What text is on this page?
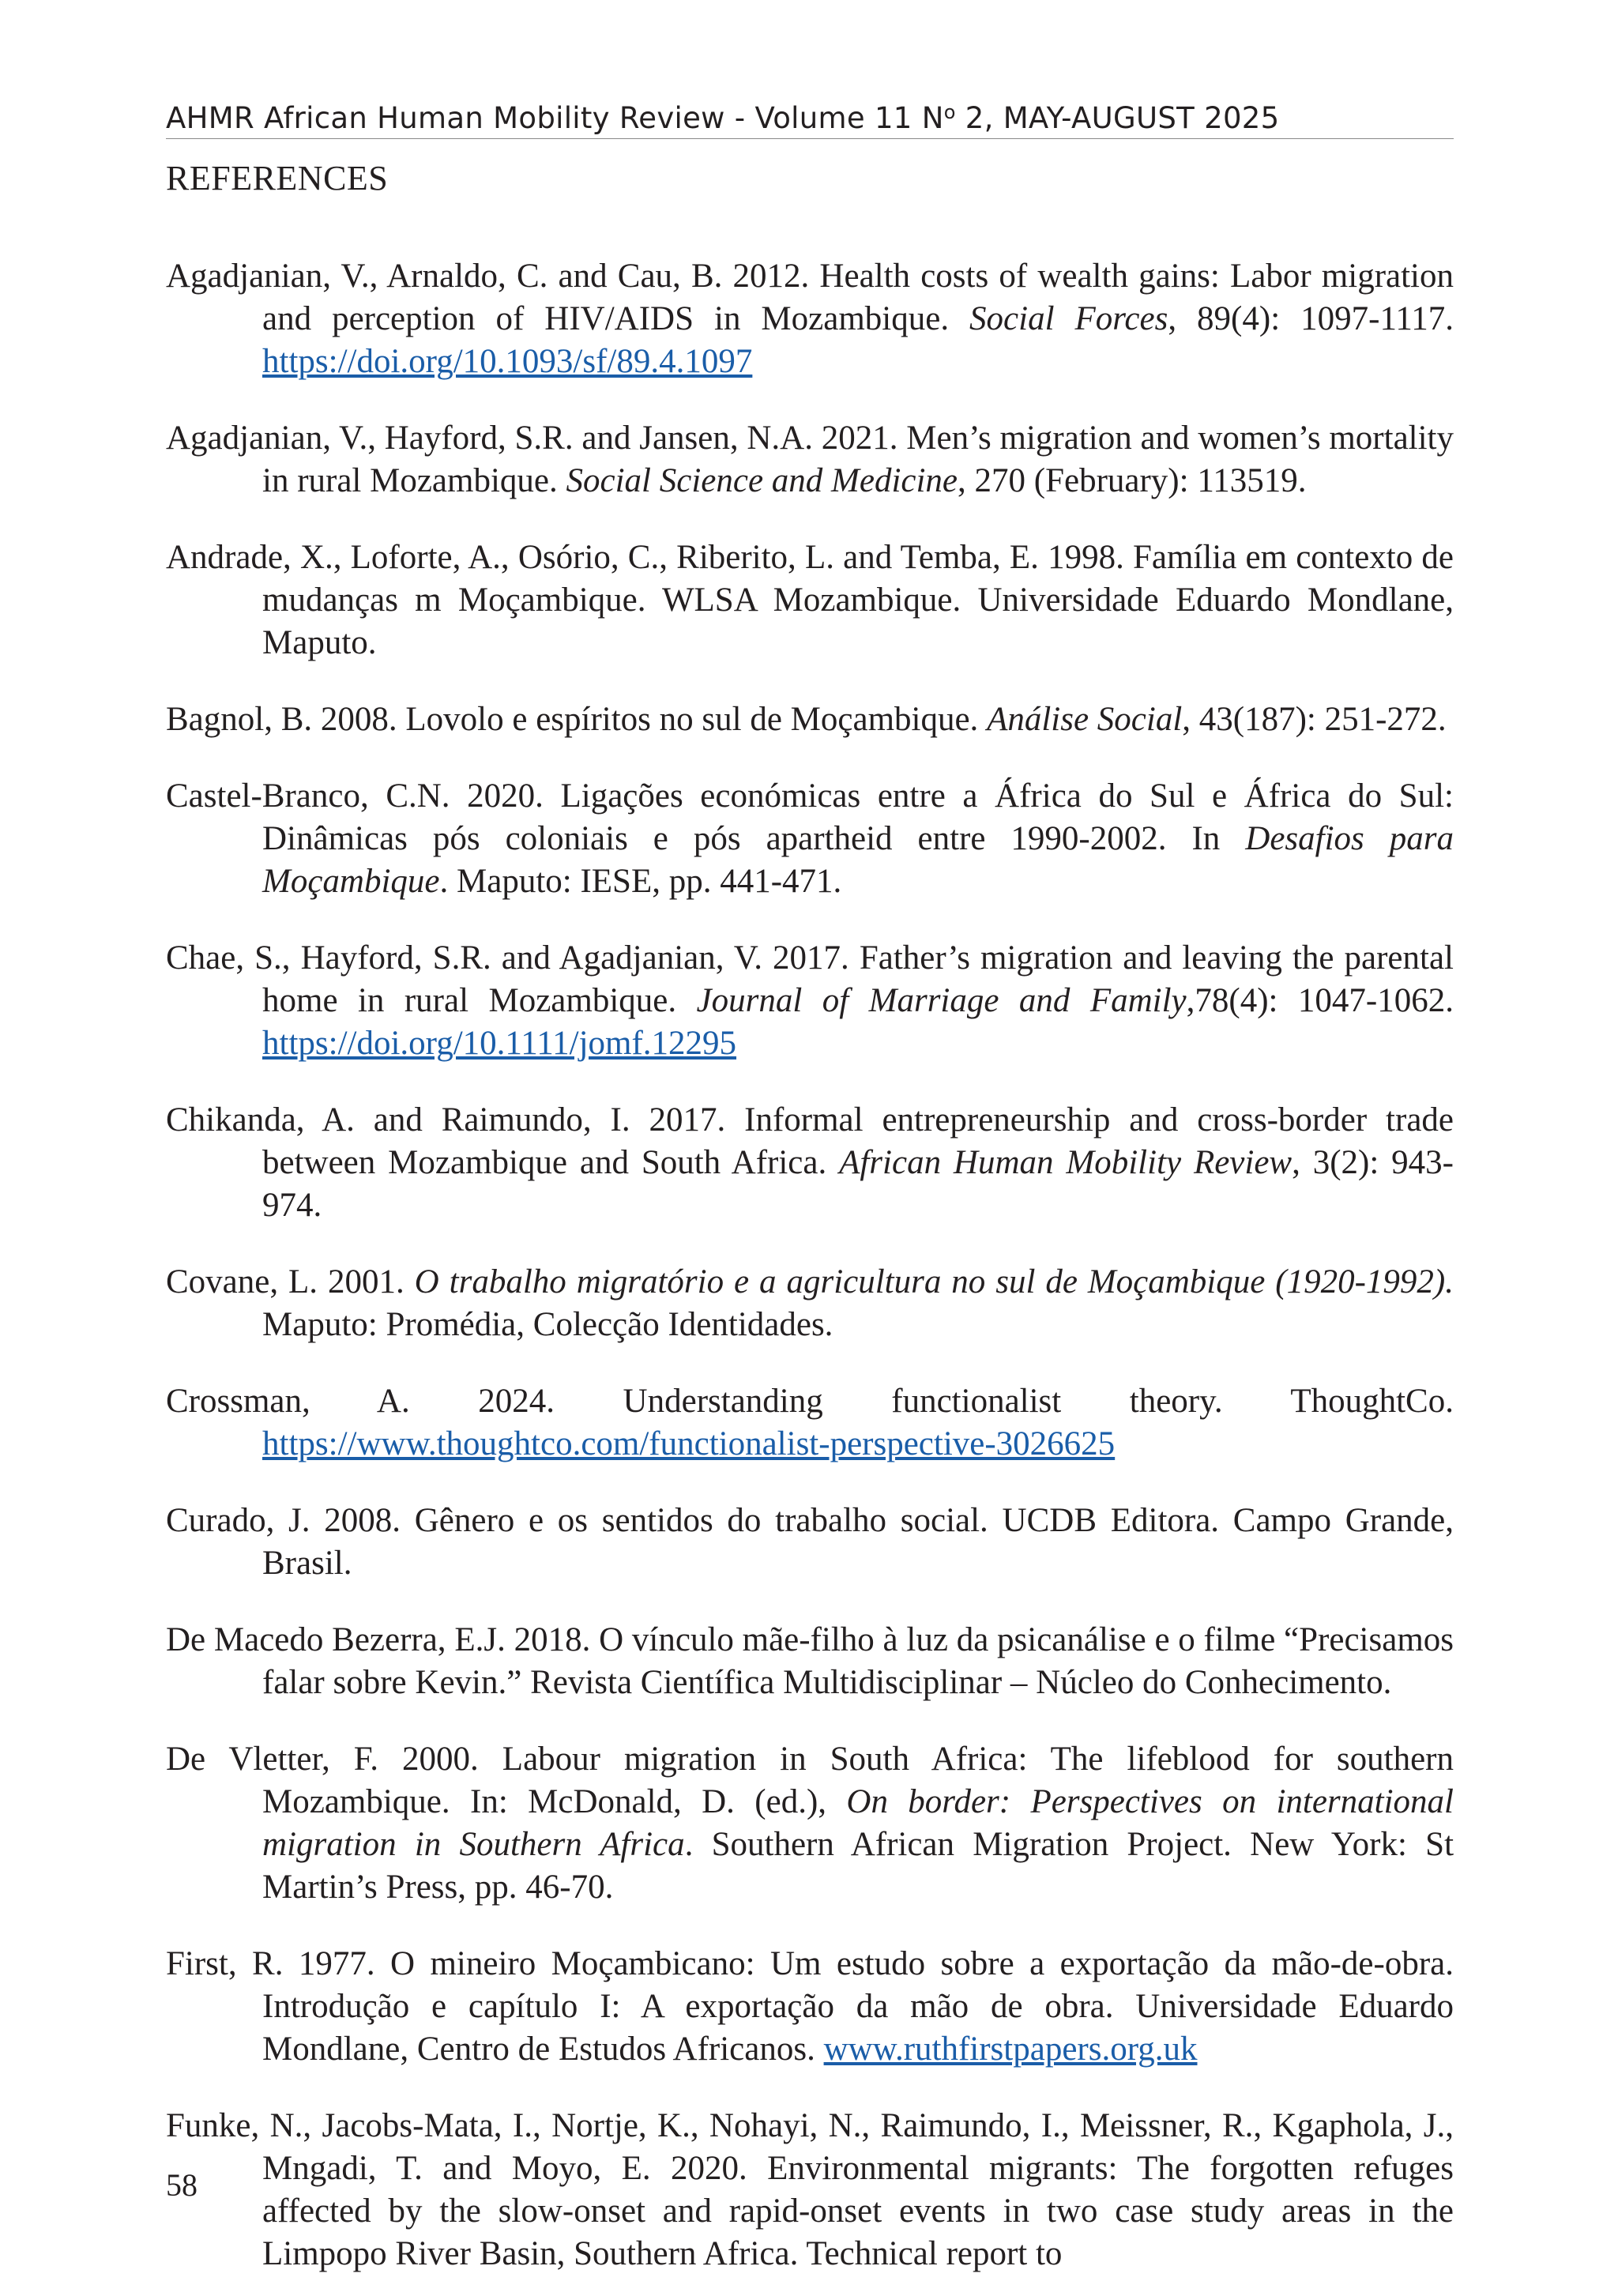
AHMR African Human Mobility Review - Volume 11 $N^o$ 2, MAY-AUGUST 2025
REFERENCES

Agadjanian, V., Arnaldo, C. and Cau, B. 2012. Health costs of wealth gains: Labor migration and perception of HIV/AIDS in Mozambique. Social Forces, 89(4): 1097-1117. https://doi.org/10.1093/sf/89.4.1097

Agadjanian, V., Hayford, S.R. and Jansen, N.A. 2021. Men’s migration and women’s mortality in rural Mozambique. Social Science and Medicine, 270 (February): 113519.

Andrade, X., Loforte, A., Osório, C., Riberito, L. and Temba, E. 1998. Família em contexto de mudanças m Moçambique. WLSA Mozambique. Universidade Eduardo Mondlane, Maputo.

Bagnol, B. 2008. Lovolo e espíritos no sul de Moçambique. Análise Social, 43(187): 251-272.

Castel-Branco, C.N. 2020. Ligações económicas entre a África do Sul e África do Sul: Dinâmicas pós coloniais e pós apartheid entre 1990-2002. In Desafios para Moçambique. Maputo: IESE, pp. 441-471.

Chae, S., Hayford, S.R. and Agadjanian, V. 2017. Father’s migration and leaving the parental home in rural Mozambique. Journal of Marriage and Family,78(4): 1047-1062. https://doi.org/10.1111/jomf.12295

Chikanda, A. and Raimundo, I. 2017. Informal entrepreneurship and cross-border trade between Mozambique and South Africa. African Human Mobility Review, 3(2): 943-974.

Covane, L. 2001. O trabalho migratório e a agricultura no sul de Moçambique (1920-1992). Maputo: Promédia, Colecção Identidades.

Crossman, A. 2024. Understanding functionalist theory. ThoughtCo. https://www.thoughtco.com/functionalist-perspective-3026625

Curado, J. 2008. Gênero e os sentidos do trabalho social. UCDB Editora. Campo Grande, Brasil.

De Macedo Bezerra, E.J. 2018. O vínculo mãe-filho à luz da psicanálise e o filme “Precisamos falar sobre Kevin.” Revista Científica Multidisciplinar – Núcleo do Conhecimento.

De Vletter, F. 2000. Labour migration in South Africa: The lifeblood for southern Mozambique. In: McDonald, D. (ed.), On border: Perspectives on international migration in Southern Africa. Southern African Migration Project. New York: St Martin’s Press, pp. 46-70.

First, R. 1977. O mineiro Moçambicano: Um estudo sobre a exportação da mão-de-obra. Introdução e capítulo I: A exportação da mão de obra. Universidade Eduardo Mondlane, Centro de Estudos Africanos. www.ruthfirstpapers.org.uk

Funke, N., Jacobs-Mata, I., Nortje, K., Nohayi, N., Raimundo, I., Meissner, R., Kgaphola, J., Mngadi, T. and Moyo, E. 2020. Environmental migrants: The forgotten refuges affected by the slow-onset and rapid-onset events in two case study areas in the Limpopo River Basin, Southern Africa. Technical report to

58
